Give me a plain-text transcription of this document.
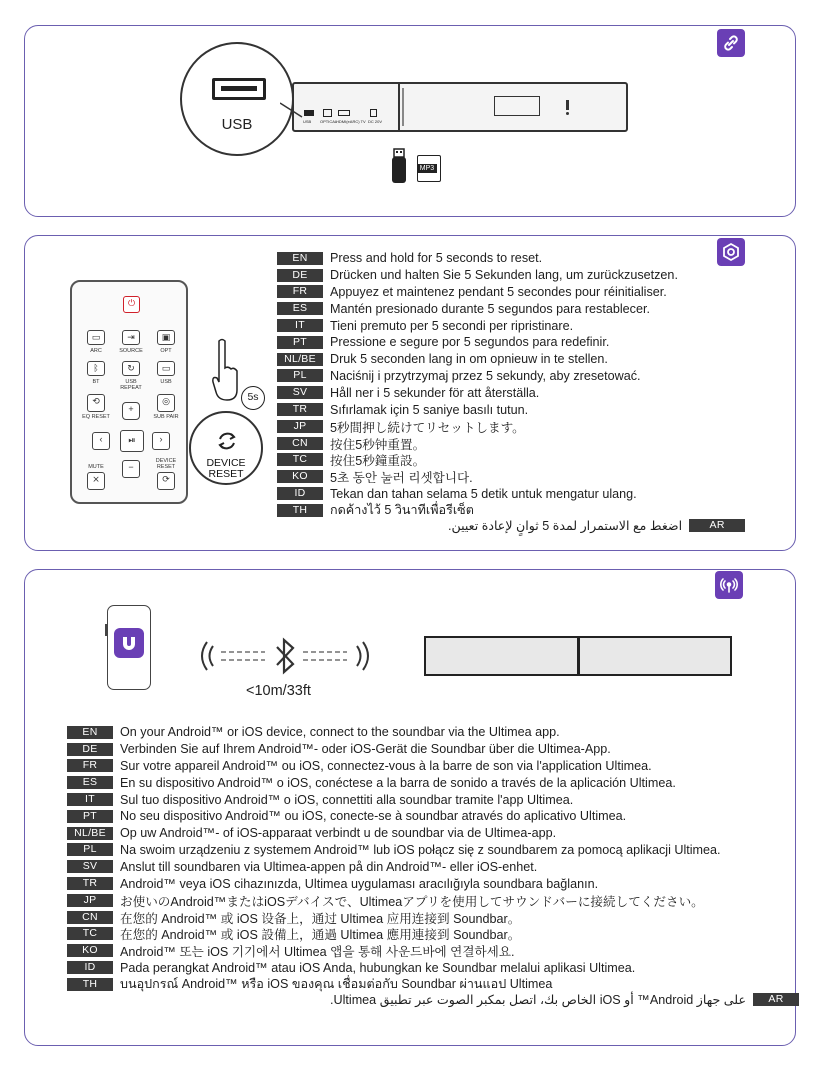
USB OPTICAL
HDMI(eARC) TV DC 20V
USB
MP3
⏻
▭
ARC
⇥
SOURCE
▣
OPT
ᛒ
BT
↻
USB REPEAT
▭
USB
⟲
EQ RESET
◎
SUB PAIR
+
‹	⏯	›
−
MUTE
⨯
DEVICE RESET
⟳
5s
DEVICE
RESET
EN	Press and hold for 5 seconds to reset.
DE	Drücken und halten Sie 5 Sekunden lang, um zurückzusetzen.
FR	Appuyez et maintenez pendant 5 secondes pour réinitialiser.
ES	Mantén presionado durante 5 segundos para restablecer.
IT	Tieni premuto per 5 secondi per ripristinare.
PT	Pressione e segure por 5 segundos para redefinir.
NL/BE	Druk 5 seconden lang in om opnieuw in te stellen.
PL	Naciśnij i przytrzymaj przez 5 sekundy, aby zresetować.
SV	Håll ner i 5 sekunder för att återställa.
TR	Sıfırlamak için 5 saniye basılı tutun.
JP	5秒間押し続けてリセットします。
CN	按住5秒钟重置。
TC	按住5秒鐘重設。
KO	5초 동안 눌러 리셋합니다.
ID	Tekan dan tahan selama 5 detik untuk mengatur ulang.
TH	กดค้างไว้ 5 วินาทีเพื่อรีเซ็ต
اضغط مع الاستمرار لمدة 5 ثوانٍ لإعادة تعيين.	AR
<10m/33ft
EN	On your Android™ or iOS device, connect to the soundbar via the Ultimea app.
DE	Verbinden Sie auf Ihrem Android™- oder iOS-Gerät die Soundbar über die Ultimea-App.
FR	Sur votre appareil Android™ ou iOS, connectez-vous à la barre de son via l'application Ultimea.
ES	En su dispositivo Android™ o iOS, conéctese a la barra de sonido a través de la aplicación Ultimea.
IT	Sul tuo dispositivo Android™ o iOS, connettiti alla soundbar tramite l'app Ultimea.
PT	No seu dispositivo Android™ ou iOS, conecte-se à soundbar através do aplicativo Ultimea.
NL/BE	Op uw Android™- of iOS-apparaat verbindt u de soundbar via de Ultimea-app.
PL	Na swoim urządzeniu z systemem Android™ lub iOS połącz się z soundbarem za pomocą aplikacji Ultimea.
SV	Anslut till soundbaren via Ultimea-appen på din Android™- eller iOS-enhet.
TR	Android™ veya iOS cihazınızda, Ultimea uygulaması aracılığıyla soundbara bağlanın.
JP	お使いのAndroid™またはiOSデバイスで、Ultimeaアプリを使用してサウンドバーに接続してください。
CN	在您的 Android™ 或 iOS 设备上，通过 Ultimea 应用连接到 Soundbar。
TC	在您的 Android™ 或 iOS 設備上，通過 Ultimea 應用連接到 Soundbar。
KO	Android™ 또는 iOS 기기에서 Ultimea 앱을 통해 사운드바에 연결하세요.
ID	Pada perangkat Android™ atau iOS Anda, hubungkan ke Soundbar melalui aplikasi Ultimea.
TH	บนอุปกรณ์ Android™ หรือ iOS ของคุณ เชื่อมต่อกับ Soundbar ผ่านแอป Ultimea
على جهاز Android™ أو iOS الخاص بك، اتصل بمكبر الصوت عبر تطبيق Ultimea.	AR
